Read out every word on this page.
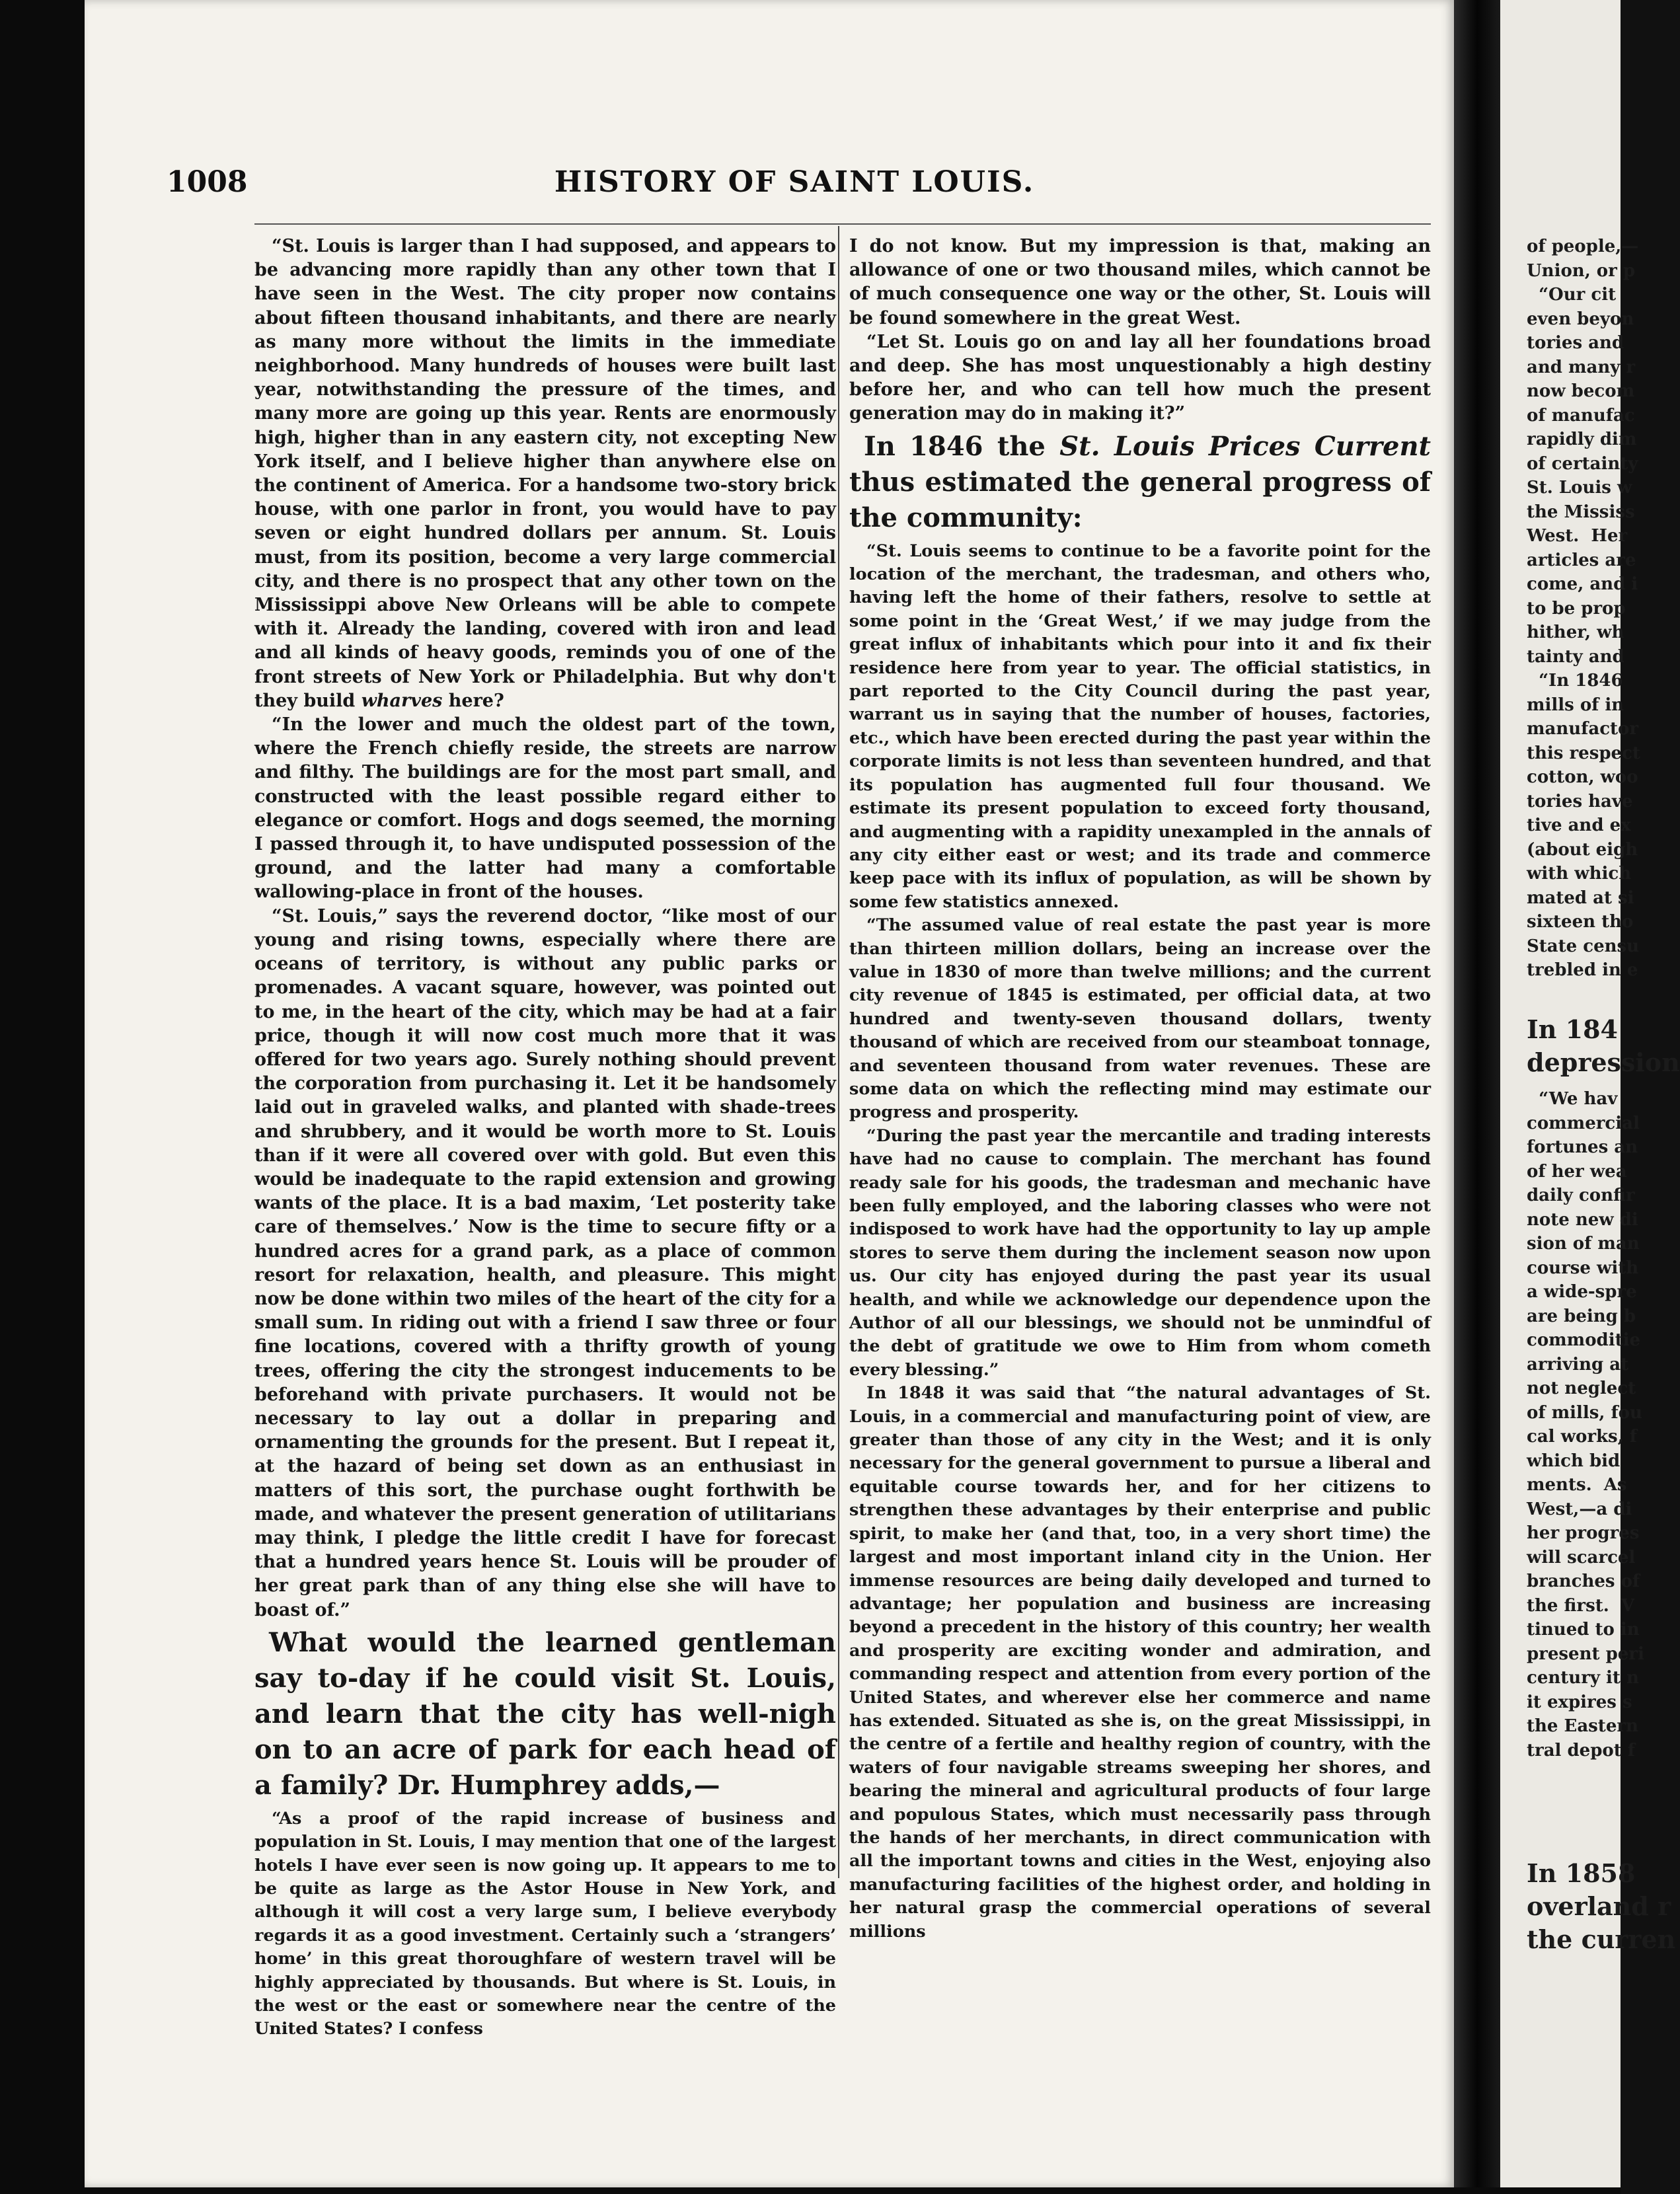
1008	HISTORY OF SAINT LOUIS.

“St. Louis is larger than I had supposed, and appears to be advancing more rapidly than any other town that I have seen in the West. The city proper now contains about fifteen thousand inhabitants, and there are nearly as many more without the limits in the immediate neighborhood. Many hundreds of houses were built last year, notwithstanding the pressure of the times, and many more are going up this year. Rents are enormously high, higher than in any eastern city, not excepting New York itself, and I believe higher than anywhere else on the continent of America. For a handsome two-story brick house, with one parlor in front, you would have to pay seven or eight hundred dollars per annum. St. Louis must, from its position, become a very large commercial city, and there is no prospect that any other town on the Mississippi above New Orleans will be able to compete with it. Already the landing, covered with iron and lead and all kinds of heavy goods, reminds you of one of the front streets of New York or Philadelphia. But why don't they build wharves here?

“In the lower and much the oldest part of the town, where the French chiefly reside, the streets are narrow and filthy. The buildings are for the most part small, and constructed with the least possible regard either to elegance or comfort. Hogs and dogs seemed, the morning I passed through it, to have undisputed possession of the ground, and the latter had many a comfortable wallowing-place in front of the houses.

“St. Louis,” says the reverend doctor, “like most of our young and rising towns, especially where there are oceans of territory, is without any public parks or promenades. A vacant square, however, was pointed out to me, in the heart of the city, which may be had at a fair price, though it will now cost much more that it was offered for two years ago. Surely nothing should prevent the corporation from purchasing it. Let it be handsomely laid out in graveled walks, and planted with shade-trees and shrubbery, and it would be worth more to St. Louis than if it were all covered over with gold. But even this would be inadequate to the rapid extension and growing wants of the place. It is a bad maxim, ‘Let posterity take care of themselves.’ Now is the time to secure fifty or a hundred acres for a grand park, as a place of common resort for relaxation, health, and pleasure. This might now be done within two miles of the heart of the city for a small sum. In riding out with a friend I saw three or four fine locations, covered with a thrifty growth of young trees, offering the city the strongest inducements to be beforehand with private purchasers. It would not be necessary to lay out a dollar in preparing and ornamenting the grounds for the present. But I repeat it, at the hazard of being set down as an enthusiast in matters of this sort, the purchase ought forthwith be made, and whatever the present generation of utilitarians may think, I pledge the little credit I have for forecast that a hundred years hence St. Louis will be prouder of her great park than of any thing else she will have to boast of.”

What would the learned gentleman say to-day if he could visit St. Louis, and learn that the city has well-nigh on to an acre of park for each head of a family? Dr. Humphrey adds,—

“As a proof of the rapid increase of business and population in St. Louis, I may mention that one of the largest hotels I have ever seen is now going up. It appears to me to be quite as large as the Astor House in New York, and although it will cost a very large sum, I believe everybody regards it as a good investment. Certainly such a ‘strangers’ home’ in this great thoroughfare of western travel will be highly appreciated by thousands. But where is St. Louis, in the west or the east or somewhere near the centre of the United States? I confess

I do not know. But my impression is that, making an allowance of one or two thousand miles, which cannot be of much consequence one way or the other, St. Louis will be found somewhere in the great West.

“Let St. Louis go on and lay all her foundations broad and deep. She has most unquestionably a high destiny before her, and who can tell how much the present generation may do in making it?”

In 1846 the St. Louis Prices Current thus estimated the general progress of the community:

“St. Louis seems to continue to be a favorite point for the location of the merchant, the tradesman, and others who, having left the home of their fathers, resolve to settle at some point in the ‘Great West,’ if we may judge from the great influx of inhabitants which pour into it and fix their residence here from year to year. The official statistics, in part reported to the City Council during the past year, warrant us in saying that the number of houses, factories, etc., which have been erected during the past year within the corporate limits is not less than seventeen hundred, and that its population has augmented full four thousand. We estimate its present population to exceed forty thousand, and augmenting with a rapidity unexampled in the annals of any city either east or west; and its trade and commerce keep pace with its influx of population, as will be shown by some few statistics annexed.

“The assumed value of real estate the past year is more than thirteen million dollars, being an increase over the value in 1830 of more than twelve millions; and the current city revenue of 1845 is estimated, per official data, at two hundred and twenty-seven thousand dollars, twenty thousand of which are received from our steamboat tonnage, and seventeen thousand from water revenues. These are some data on which the reflecting mind may estimate our progress and prosperity.

“During the past year the mercantile and trading interests have had no cause to complain. The merchant has found ready sale for his goods, the tradesman and mechanic have been fully employed, and the laboring classes who were not indisposed to work have had the opportunity to lay up ample stores to serve them during the inclement season now upon us. Our city has enjoyed during the past year its usual health, and while we acknowledge our dependence upon the Author of all our blessings, we should not be unmindful of the debt of gratitude we owe to Him from whom cometh every blessing.”

In 1848 it was said that “the natural advantages of St. Louis, in a commercial and manufacturing point of view, are greater than those of any city in the West; and it is only necessary for the general government to pursue a liberal and equitable course towards her, and for her citizens to strengthen these advantages by their enterprise and public spirit, to make her (and that, too, in a very short time) the largest and most important inland city in the Union. Her immense resources are being daily developed and turned to advantage; her population and business are increasing beyond a precedent in the history of this country; her wealth and prosperity are exciting wonder and admiration, and commanding respect and attention from every portion of the United States, and wherever else her commerce and name has extended. Situated as she is, on the great Mississippi, in the centre of a fertile and healthy region of country, with the waters of four navigable streams sweeping her shores, and bearing the mineral and agricultural products of four large and populous States, which must necessarily pass through the hands of her merchants, in direct communication with all the important towns and cities in the West, enjoying also manufacturing facilities of the highest order, and holding in her natural grasp the commercial operations of several millions

of people,—
Union, or p
“Our cit
even beyon
tories and
and many r
now becom
of manufac
rapidly dim
of certainty
St. Louis w
the Mississ
West.  Her
articles are
come, and i
to be prop
hither, wh
tainty and
“In 1846
mills of in
manufactor
this respect
cotton, woo
tories have
tive and ex
(about eigh
with which
mated at si
sixteen tho
State censu
trebled in e
In 184
depression
“We hav
commercial
fortunes an
of her wea
daily confir
note new di
sion of man
course with
a wide-spre
are being b
commoditie
arriving at
not neglect
of mills, fou
cal works, f
which bid
ments.  As
West,—a di
her progres
will scarcel
branches of
the first.  V
tinued to in
present peri
century it n
it expires s
the Eastern
tral depot f
In 1858
overland r
the curren
